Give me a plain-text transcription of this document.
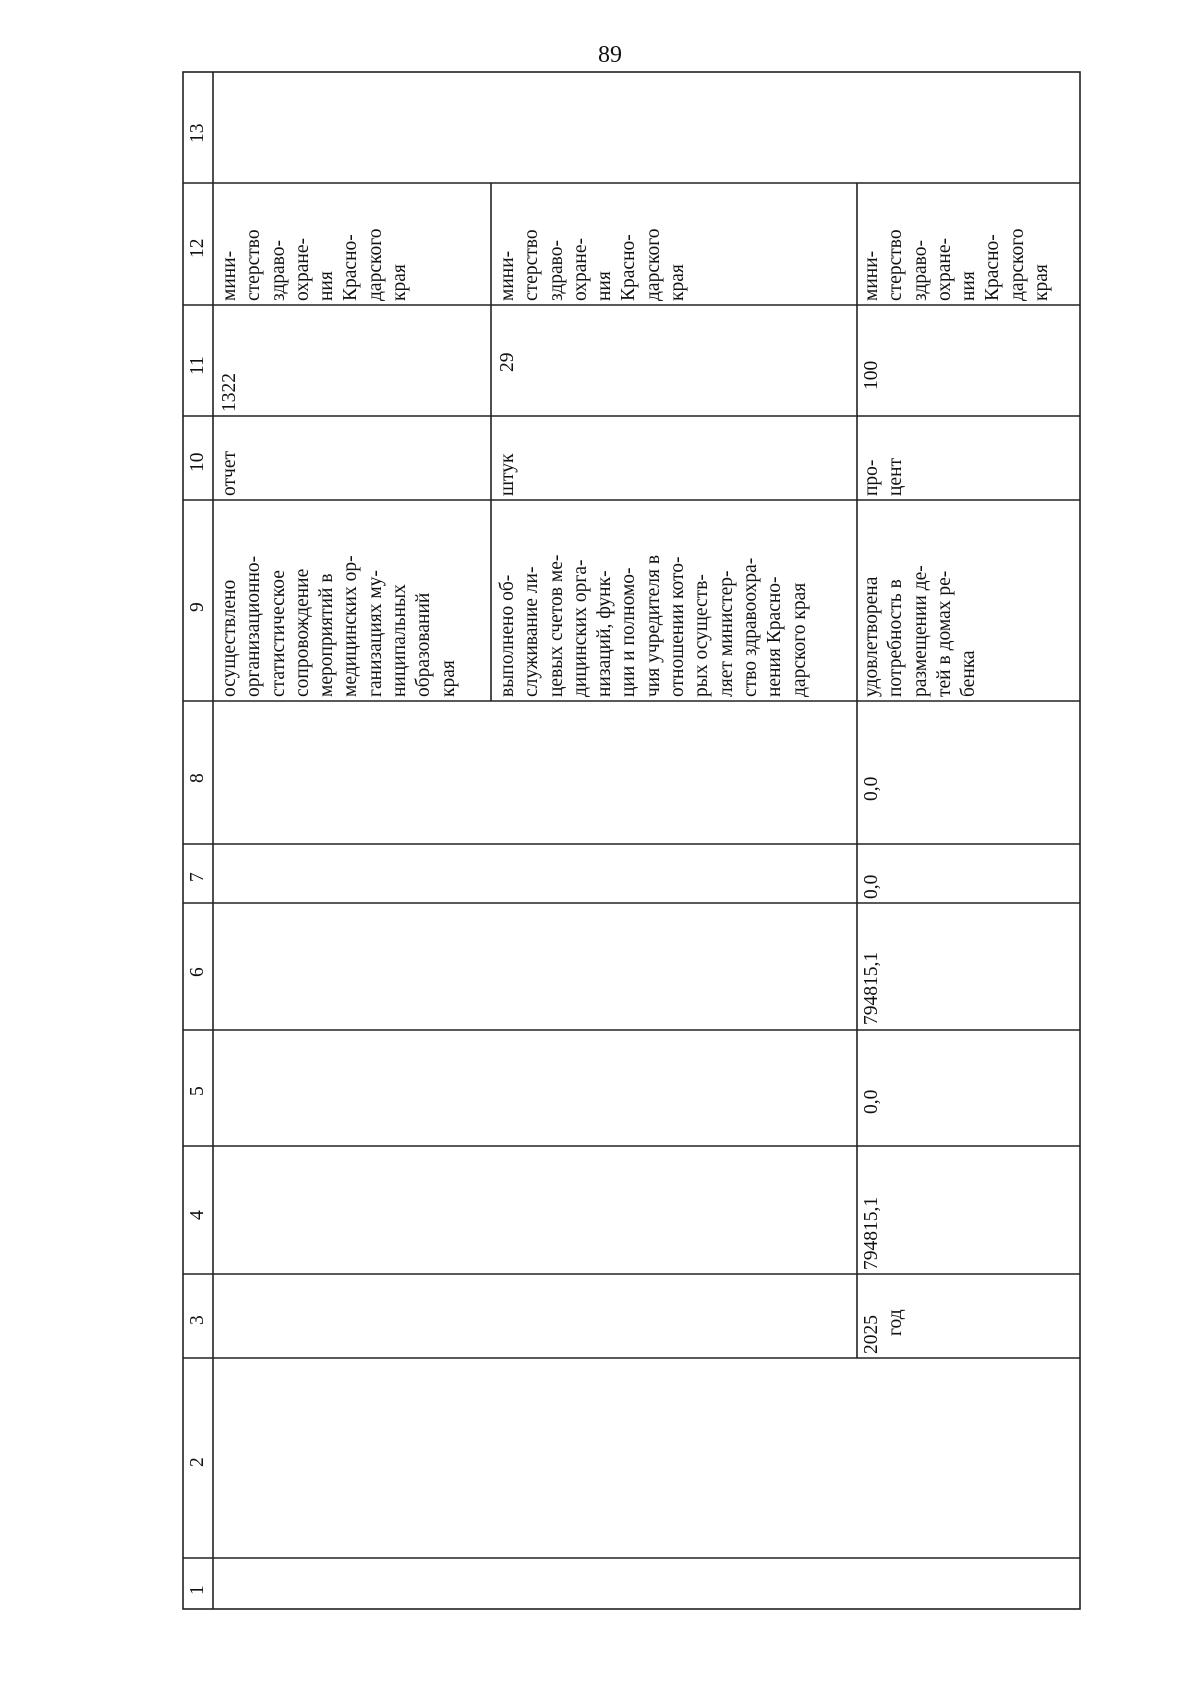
89
13
12
11
10
9
8
7
6
5
4
3
2
1
осуществлено организационно- статистическое сопровождение мероприятий в медицинских ор- ганизациях му- ниципальных образований края
отчет
1322
мини- стерство здраво- охране- ния Красно- дарского края
выполнено об- служивание ли- цевых счетов ме- дицинских орга- низаций, функ- ции и полномо- чия учредителя в отношении кото- рых осуществ- ляет министер- ство здравоохра- нения Красно- дарского края
штук
29
мини- стерство здраво- охране- ния Красно- дарского края
2025 год
794815,1
0,0
794815,1
0,0
0,0
удовлетворена потребность в размещении де- тей в домах ре- бенка
про- цент
100
мини- стерство здраво- охране- ния Красно- дарского края
